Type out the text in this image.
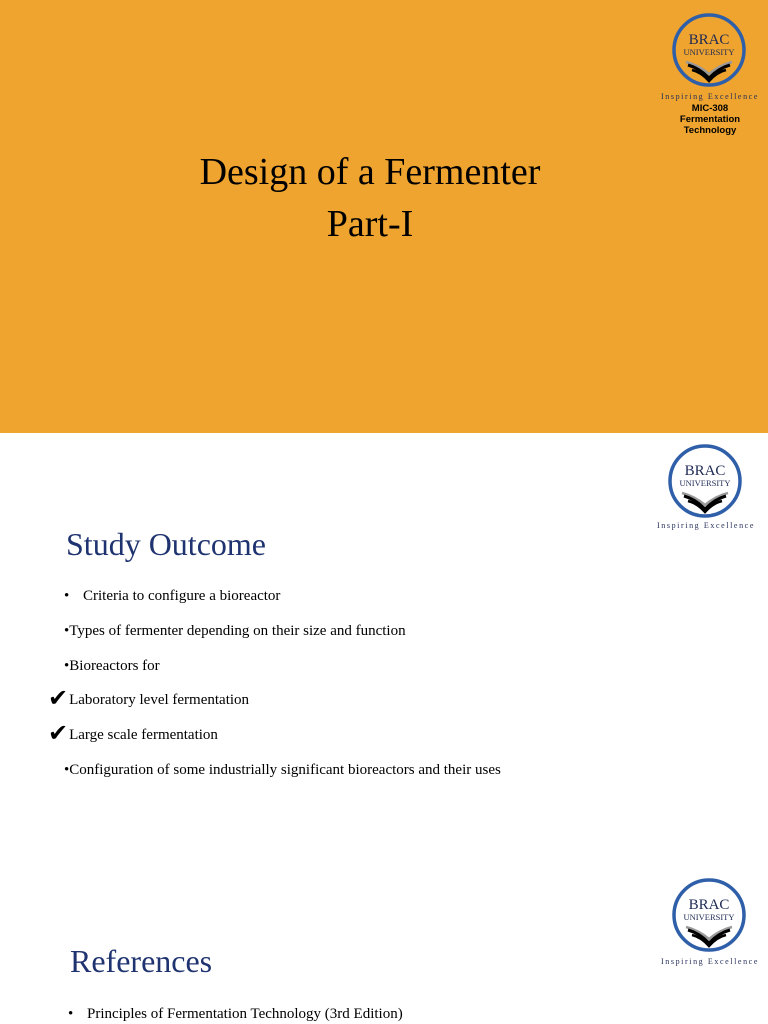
BRAC
UNIVERSITY
Inspiring Excellence
MIC-308
Fermentation
Technology
Design of a Fermenter
Part-I
BRAC
UNIVERSITY
Inspiring Excellence
Study Outcome
• Criteria to configure a bioreactor
•Types of fermenter depending on their size and function
•Bioreactors for
✔Laboratory level fermentation
✔Large scale fermentation
•Configuration of some industrially significant bioreactors and their uses
BRAC
UNIVERSITY
Inspiring Excellence
References
• Principles of Fermentation Technology (3rd Edition)
